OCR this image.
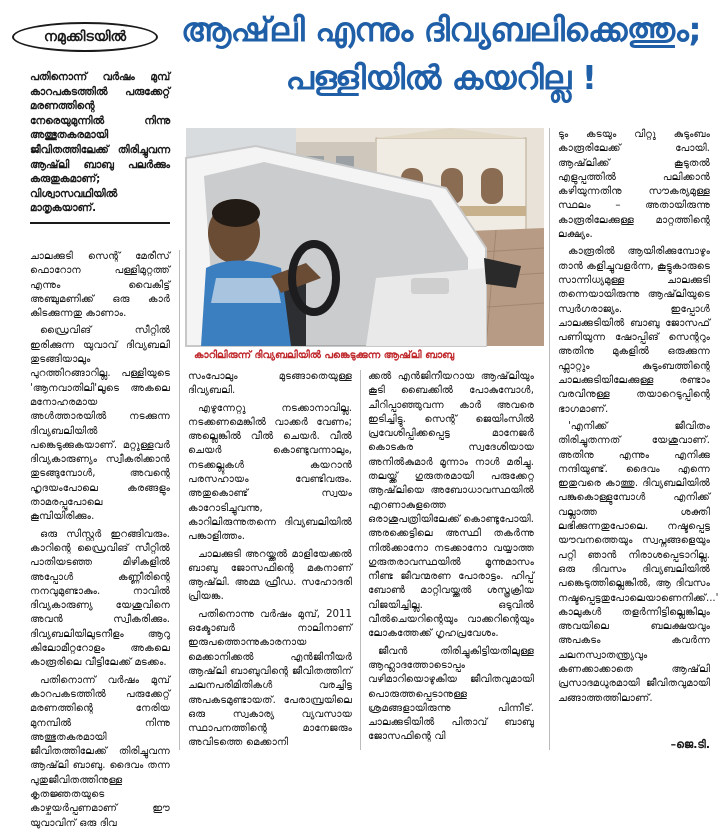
നമുക്കിടയിൽ ആഷ്‌ലി എന്നും ദിവ്യബലിക്കെത്തും;
പള്ളിയിൽ കയറില്ല !
പതിനൊന്ന് വർഷം മുമ്പ് കാറപകടത്തിൽ പരുക്കേറ്റ് മരണത്തിന്റെ നേരെയുമുന്നിൽ നിന്നു അത്ഭുതകരമായി ജീവിതത്തിലേക്ക് തിരിച്ചുവന്ന ആഷ്‌ലി ബാബു പലർക്കും കരുതുകമാണ്; വിശ്വാസവഥിയിൽ മാതൃകയാണ്.
കാറിലിരുന്ന് ദിവ്യബലിയിൽ പങ്കെടുക്കുന്ന ആഷ്‌ലി ബാബു

ചാലക്കുടി സെന്റ് മേരീസ് ഫൊറോന പള്ളിമുറ്റത്ത് എന്നും വൈകിട്ട് അഞ്ചുമണിക്ക് ഒരു കാർ കിടക്കുന്നതു കാണാം.

ഡ്രൈവിങ് സീറ്റിൽ ഇരിക്കുന്ന യുവാവ് ദിവ്യബലി തുടങ്ങിയാലും പുറത്തിറങ്ങാറില്ല. പള്ളിയുടെ 'ആനവാതിലി'ലൂടെ അകലെ മനോഹരമായ അൾത്താരയിൽ നടക്കുന്ന ദിവ്യബലിയിൽ പങ്കെടുക്കുകയാണ്. മറ്റുള്ളവർ ദിവ്യകാരുണ്യം സ്വീകരിക്കാൻ തുടങ്ങുമ്പോൾ, അവന്റെ ഹൃദയംപോലെ കരങ്ങളും താമരപ്പൂപോലെ കൂമ്പിയിരിക്കും.

ഒരു സിസ്റ്റർ ഇറങ്ങിവരും. കാറിന്റെ ഡ്രൈവിങ് സീറ്റിൽ പാതിയടഞ്ഞ മിഴികളിൽ അപ്പോൾ കണ്ണീരിന്റെ നനവുമുണ്ടാകും. നാവിൽ ദിവ്യകാരുണ്യ യേശുവിനെ അവൻ സ്വീകരിക്കും. ദിവ്യബലിയിലുടനീളം ആറു കിലോമീറ്ററോളം അകലെ കാരൂരിലെ വീട്ടിലേക്ക് മടക്കം.

പതിനൊന്ന് വർഷം മുമ്പ് കാറപകടത്തിൽ പരുക്കേറ്റ് മരണത്തിന്റെ നേരിയ മുനമ്പിൽ നിന്നു അത്ഭുതകരമായി ജീവിതത്തിലേക്ക് തിരിച്ചുവന്ന ആഷ്‌ലി ബാബു. ദൈവം തന്ന പുതുജീവിതത്തിനുള്ള കൃതജ്ഞതയുടെ കാഴ്ചയർപ്പണമാണ് ഈ യുവാവിന് ഒരു ദിവ

സംപോലും മുടങ്ങാതെയുള്ള ദിവ്യബലി.

എഴുന്നേറ്റു നടക്കാനാവില്ല. നടക്കണമെങ്കിൽ വാക്കർ വേണം; അല്ലെങ്കിൽ വീൽ ചെയർ. വീൽ ചെയർ കൊണ്ടുവന്നാലും, നടക്കല്ലുകൾ കയറാൻ പരസഹായം വേണ്ടിവരും. അതുകൊണ്ട് സ്വയം കാറോടിച്ചുവന്നു, കാറിലിരുന്നുതന്നെ ദിവ്യബലിയിൽ പങ്കാളിത്തം.

ചാലക്കുടി അറയ്ക്കൽ മാളിയേക്കൽ ബാബു ജോസഫിന്റെ മകനാണ് ആഷ്‌ലി. അമ്മ ഫ്രീഡ. സഹോദരി പ്രിയങ്ക.

പതിനൊന്നു വർഷം മുമ്പ്, 2011 ഒക്ടോബർ നാലിനാണ് ഇരുപത്തൊന്നുകാരനായ മെക്കാനിക്കൽ എൻജിനീയർ ആഷ്‌ലി ബാബുവിന്റെ ജീവിതത്തിന് ചലനപരിമിതികൾ വരച്ചിട്ട അപകടമുണ്ടായത്. പേരാമ്പ്രയിലെ ഒരു സ്വകാര്യ വ്യവസായ സ്ഥാപനത്തിന്റെ മാനേജരും അവിടത്തെ മെക്കാനി

ക്കൽ എൻജിനീയറായ ആഷ്‌ലിയും കൂടി ബൈക്കിൽ പോകുമ്പോൾ, ചീറിപ്പാഞ്ഞുവന്ന കാർ അവരെ ഇടിച്ചിട്ടു. സെന്റ് ജെയിംസിൽ പ്രവേശിപ്പിക്കപ്പെട്ട മാനേജർ കൊടകര സ്വദേശിയായ അനിൽകുമാർ മൂന്നാം നാൾ മരിച്ചു. തലയ്ക്ക് ഗുരുതരമായി പരുക്കേറ്റ ആഷ്‌ലിയെ അബോധാവസ്ഥയിൽ എറണാകുളത്തെ ഒരാശുപത്രിയിലേക്ക് കൊണ്ടുപോയി. അരക്കെട്ടിലെ അസ്ഥി തകർന്നു നിൽക്കാനോ നടക്കാനോ വയ്യാത്ത ഗുരുതരാവസ്ഥയിൽ മൂന്നുമാസം നീണ്ട ജീവന്മരണ പോരാട്ടം. ഹിപ്പ് ബോൺ മാറ്റിവയ്ക്കൽ ശസ്ത്രക്രിയ വിജയിച്ചില്ല. ഒടുവിൽ വീൽചെയറിന്റെയും വാക്കറിന്റെയും ലോകത്തേക്ക് ഗൃഹപ്രവേശം.

ജീവൻ തിരിച്ചുകിട്ടിയതിലുള്ള ആഹ്ലാദത്തോടൊപ്പം വഴിമാറിയൊഴുകിയ ജീവിതവുമായി പൊരുത്തപ്പെടാനുള്ള ശ്രമങ്ങളായിരുന്നു പിന്നീട്. ചാലക്കുടിയിൽ പിതാവ് ബാബു ജോസഫിന്റെ വി

ടും കടയും വിറ്റു കുടുംബം കാരൂരിലേക്ക് പോയി. ആഷ്‌ലിക്ക് കൂടുതൽ എളുപ്പത്തിൽ പലിക്കാൻ കഴിയുന്നതിനു സൗകര്യമുള്ള സ്ഥലം – അതായിരുന്നു കാരൂരിലേക്കുള്ള മാറ്റത്തിന്റെ ലക്ഷ്യം.

കാരൂരിൽ ആയിരിക്കുമ്പോഴും താൻ കളിച്ചുവളർന്ന, കൂട്ടുകാരുടെ സാന്നിധ്യമുള്ള ചാലക്കുടി തന്നെയായിരുന്നു ആഷ്‌ലിയുടെ സ്വർഗരാജ്യം. ഇപ്പോൾ ചാലക്കുടിയിൽ ബാബു ജോസഫ് പണിയുന്ന ഷോപ്പിങ് സെന്ററും അതിനു മുകളിൽ ഒരുക്കുന്ന ഫ്ലാറ്റും കുടുംബത്തിന്റെ ചാലക്കുടിയിലേക്കുള്ള രണ്ടാം വരവിനുള്ള തയാറെടുപ്പിന്റെ ഭാഗമാണ്.

'എനിക്ക് ജീവിതം തിരിച്ചുതന്നത് യേശുവാണ്. അതിനു എന്നും എനിക്കു നന്ദിയുണ്ട്. ദൈവം എന്നെ ഇതുവരെ കാത്തു. ദിവ്യബലിയിൽ പങ്കുകൊള്ളുമ്പോൾ എനിക്ക് വല്ലാത്ത ശക്തി ലഭിക്കുന്നതുപോലെ. നഷ്ടപ്പെട്ട യൗവനത്തെയും സ്വപ്നങ്ങളെയും പറ്റി ഞാൻ നിരാശപ്പെടാറില്ല. ഒരു ദിവസം ദിവ്യബലിയിൽ പങ്കെടുത്തില്ലെങ്കിൽ, ആ ദിവസം നഷ്ടപ്പെട്ടതുപോലെയാണെനിക്ക്...' കാലുകൾ തളർന്നിട്ടില്ലെങ്കിലും അവയിലെ ബലക്ഷയവും അപകടം കവർന്ന ചലനസ്വാതന്ത്ര്യവും കണക്കാക്കാതെ ആഷ്‌ലി പ്രസാദമധുരമായി ജീവിതവുമായി ചങ്ങാത്തത്തിലാണ്.

–ജെ.ടി.
